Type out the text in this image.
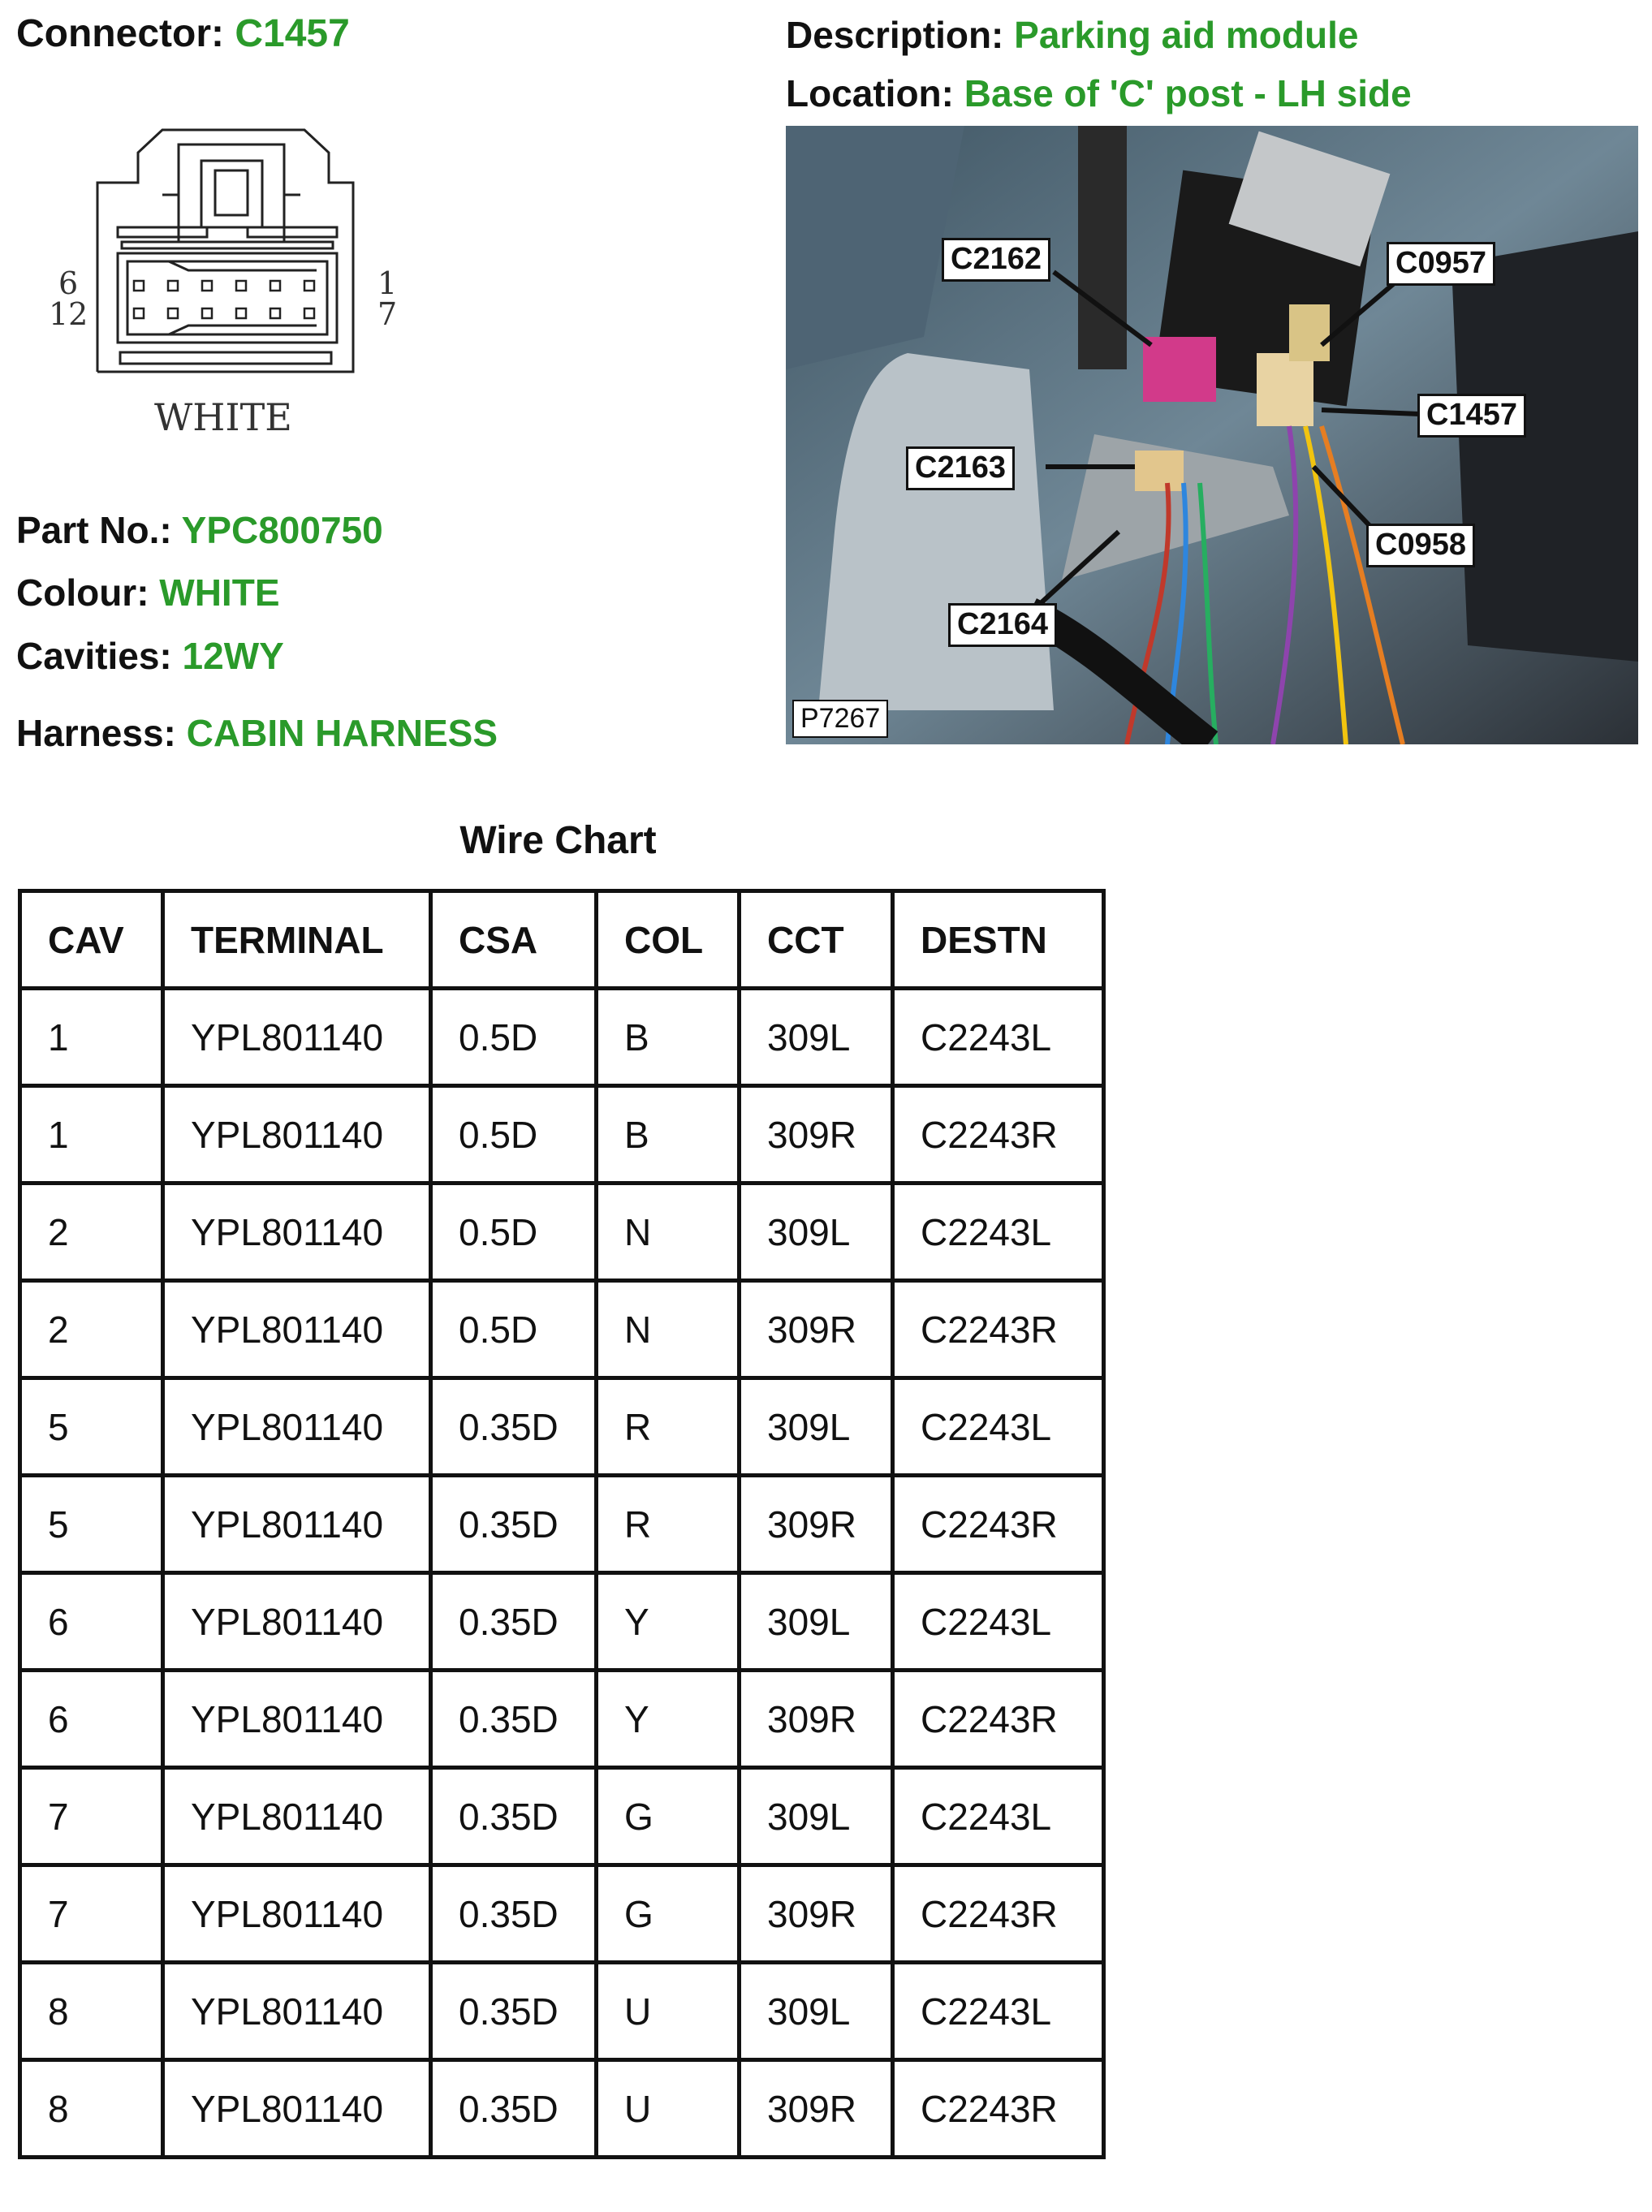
Connector: C1457	Description: Parking aid module
Location: Base of 'C' post - LH side
6
12
1
7
WHITE
Part No.: YPC800750
Colour: WHITE
Cavities: 12WY
Harness: CABIN HARNESS
C2162	C0957
C1457
C2163
C0958
C2164
P7267
Wire Chart
CAV	TERMINAL	CSA	COL	CCT	DESTN
1	YPL801140	0.5D	B	309L	C2243L
1	YPL801140	0.5D	B	309R	C2243R
2	YPL801140	0.5D	N	309L	C2243L
2	YPL801140	0.5D	N	309R	C2243R
5	YPL801140	0.35D	R	309L	C2243L
5	YPL801140	0.35D	R	309R	C2243R
6	YPL801140	0.35D	Y	309L	C2243L
6	YPL801140	0.35D	Y	309R	C2243R
7	YPL801140	0.35D	G	309L	C2243L
7	YPL801140	0.35D	G	309R	C2243R
8	YPL801140	0.35D	U	309L	C2243L
8	YPL801140	0.35D	U	309R	C2243R
